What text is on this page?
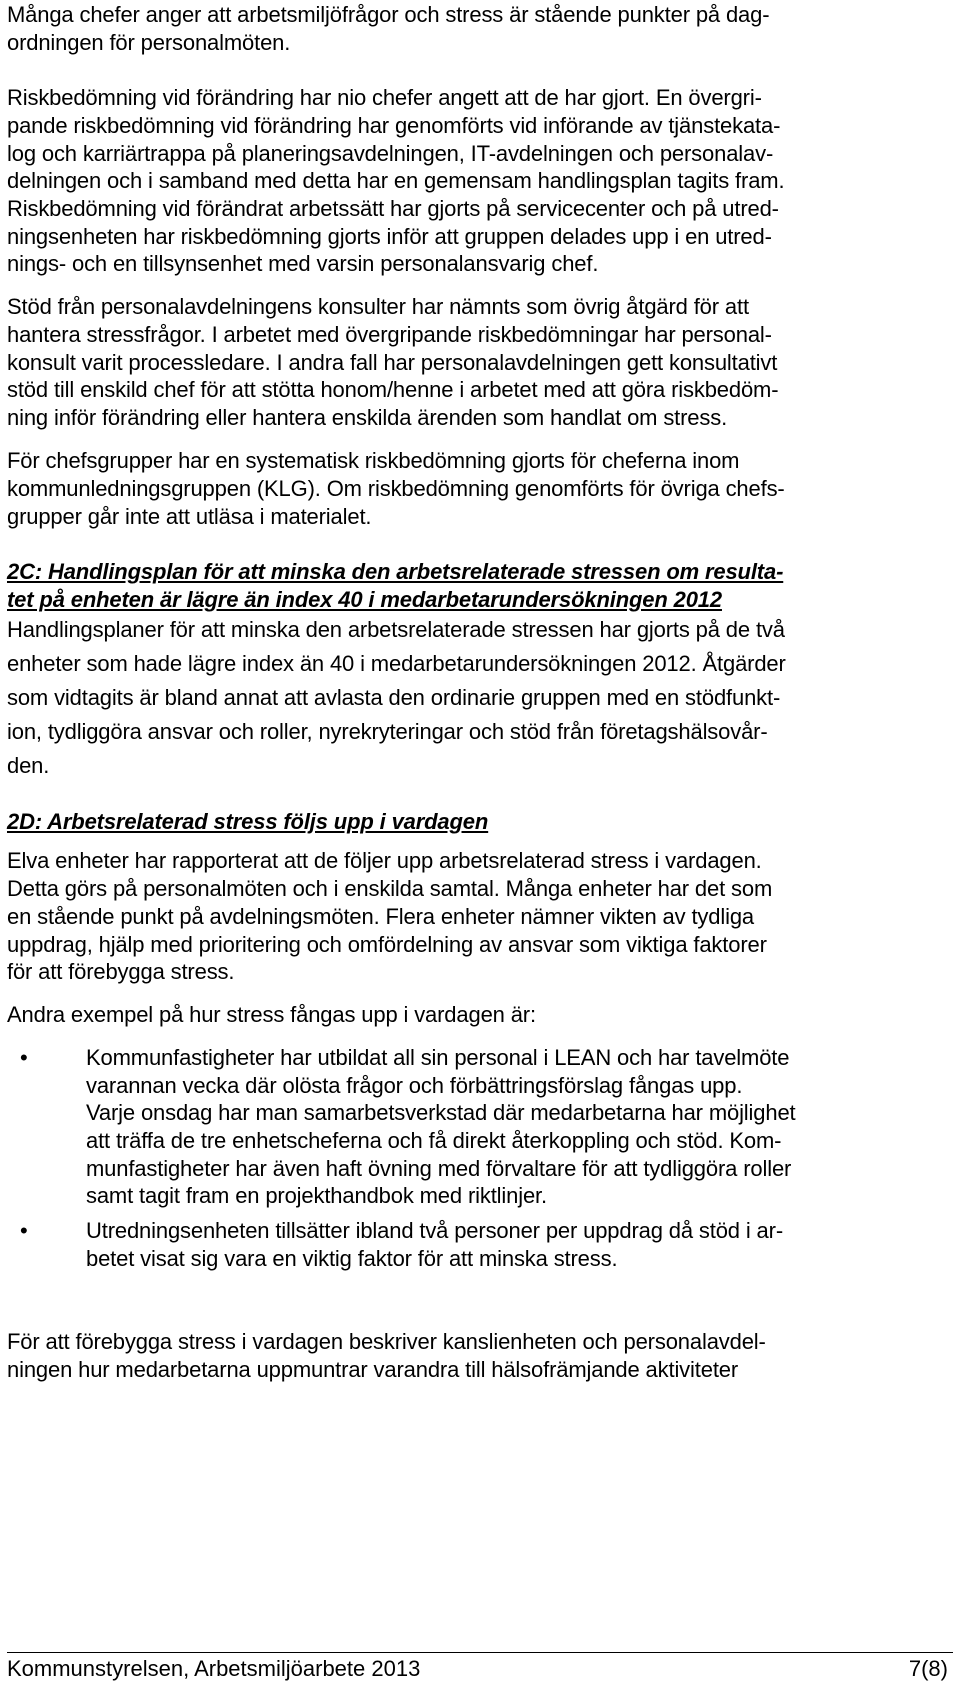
Många chefer anger att arbetsmiljöfrågor och stress är stående punkter på dag-
ordningen för personalmöten.
Riskbedömning vid förändring har nio chefer angett att de har gjort. En övergri-
pande riskbedömning vid förändring har genomförts vid införande av tjänstekata-
log och karriärtrappa på planeringsavdelningen, IT-avdelningen och personalav-
delningen och i samband med detta har en gemensam handlingsplan tagits fram.
Riskbedömning vid förändrat arbetssätt har gjorts på servicecenter och på utred-
ningsenheten har riskbedömning gjorts inför att gruppen delades upp i en utred-
nings- och en tillsynsenhet med varsin personalansvarig chef.
Stöd från personalavdelningens konsulter har nämnts som övrig åtgärd för att
hantera stressfrågor. I arbetet med övergripande riskbedömningar har personal-
konsult varit processledare. I andra fall har personalavdelningen gett konsultativt
stöd till enskild chef för att stötta honom/henne i arbetet med att göra riskbedöm-
ning inför förändring eller hantera enskilda ärenden som handlat om stress.
För chefsgrupper har en systematisk riskbedömning gjorts för cheferna inom
kommunledningsgruppen (KLG). Om riskbedömning genomförts för övriga chefs-
grupper går inte att utläsa i materialet.
2C: Handlingsplan för att minska den arbetsrelaterade stressen om resulta-
tet på enheten är lägre än index 40 i medarbetarundersökningen 2012
Handlingsplaner för att minska den arbetsrelaterade stressen har gjorts på de två
enheter som hade lägre index än 40 i medarbetarundersökningen 2012. Åtgärder
som vidtagits är bland annat att avlasta den ordinarie gruppen med en stödfunkt-
ion, tydliggöra ansvar och roller, nyrekryteringar och stöd från företagshälsovår-
den.
2D: Arbetsrelaterad stress följs upp i vardagen
Elva enheter har rapporterat att de följer upp arbetsrelaterad stress i vardagen.
Detta görs på personalmöten och i enskilda samtal. Många enheter har det som
en stående punkt på avdelningsmöten. Flera enheter nämner vikten av tydliga
uppdrag, hjälp med prioritering och omfördelning av ansvar som viktiga faktorer
för att förebygga stress.
Andra exempel på hur stress fångas upp i vardagen är:
•	Kommunfastigheter har utbildat all sin personal i LEAN och har tavelmöte
varannan vecka där olösta frågor och förbättringsförslag fångas upp.
Varje onsdag har man samarbetsverkstad där medarbetarna har möjlighet
att träffa de tre enhetscheferna och få direkt återkoppling och stöd. Kom-
munfastigheter har även haft övning med förvaltare för att tydliggöra roller
samt tagit fram en projekthandbok med riktlinjer.
•	Utredningsenheten tillsätter ibland två personer per uppdrag då stöd i ar-
betet visat sig vara en viktig faktor för att minska stress.
För att förebygga stress i vardagen beskriver kanslienheten och personalavdel-
ningen hur medarbetarna uppmuntrar varandra till hälsofrämjande aktiviteter
Kommunstyrelsen, Arbetsmiljöarbete 2013	7(8)
